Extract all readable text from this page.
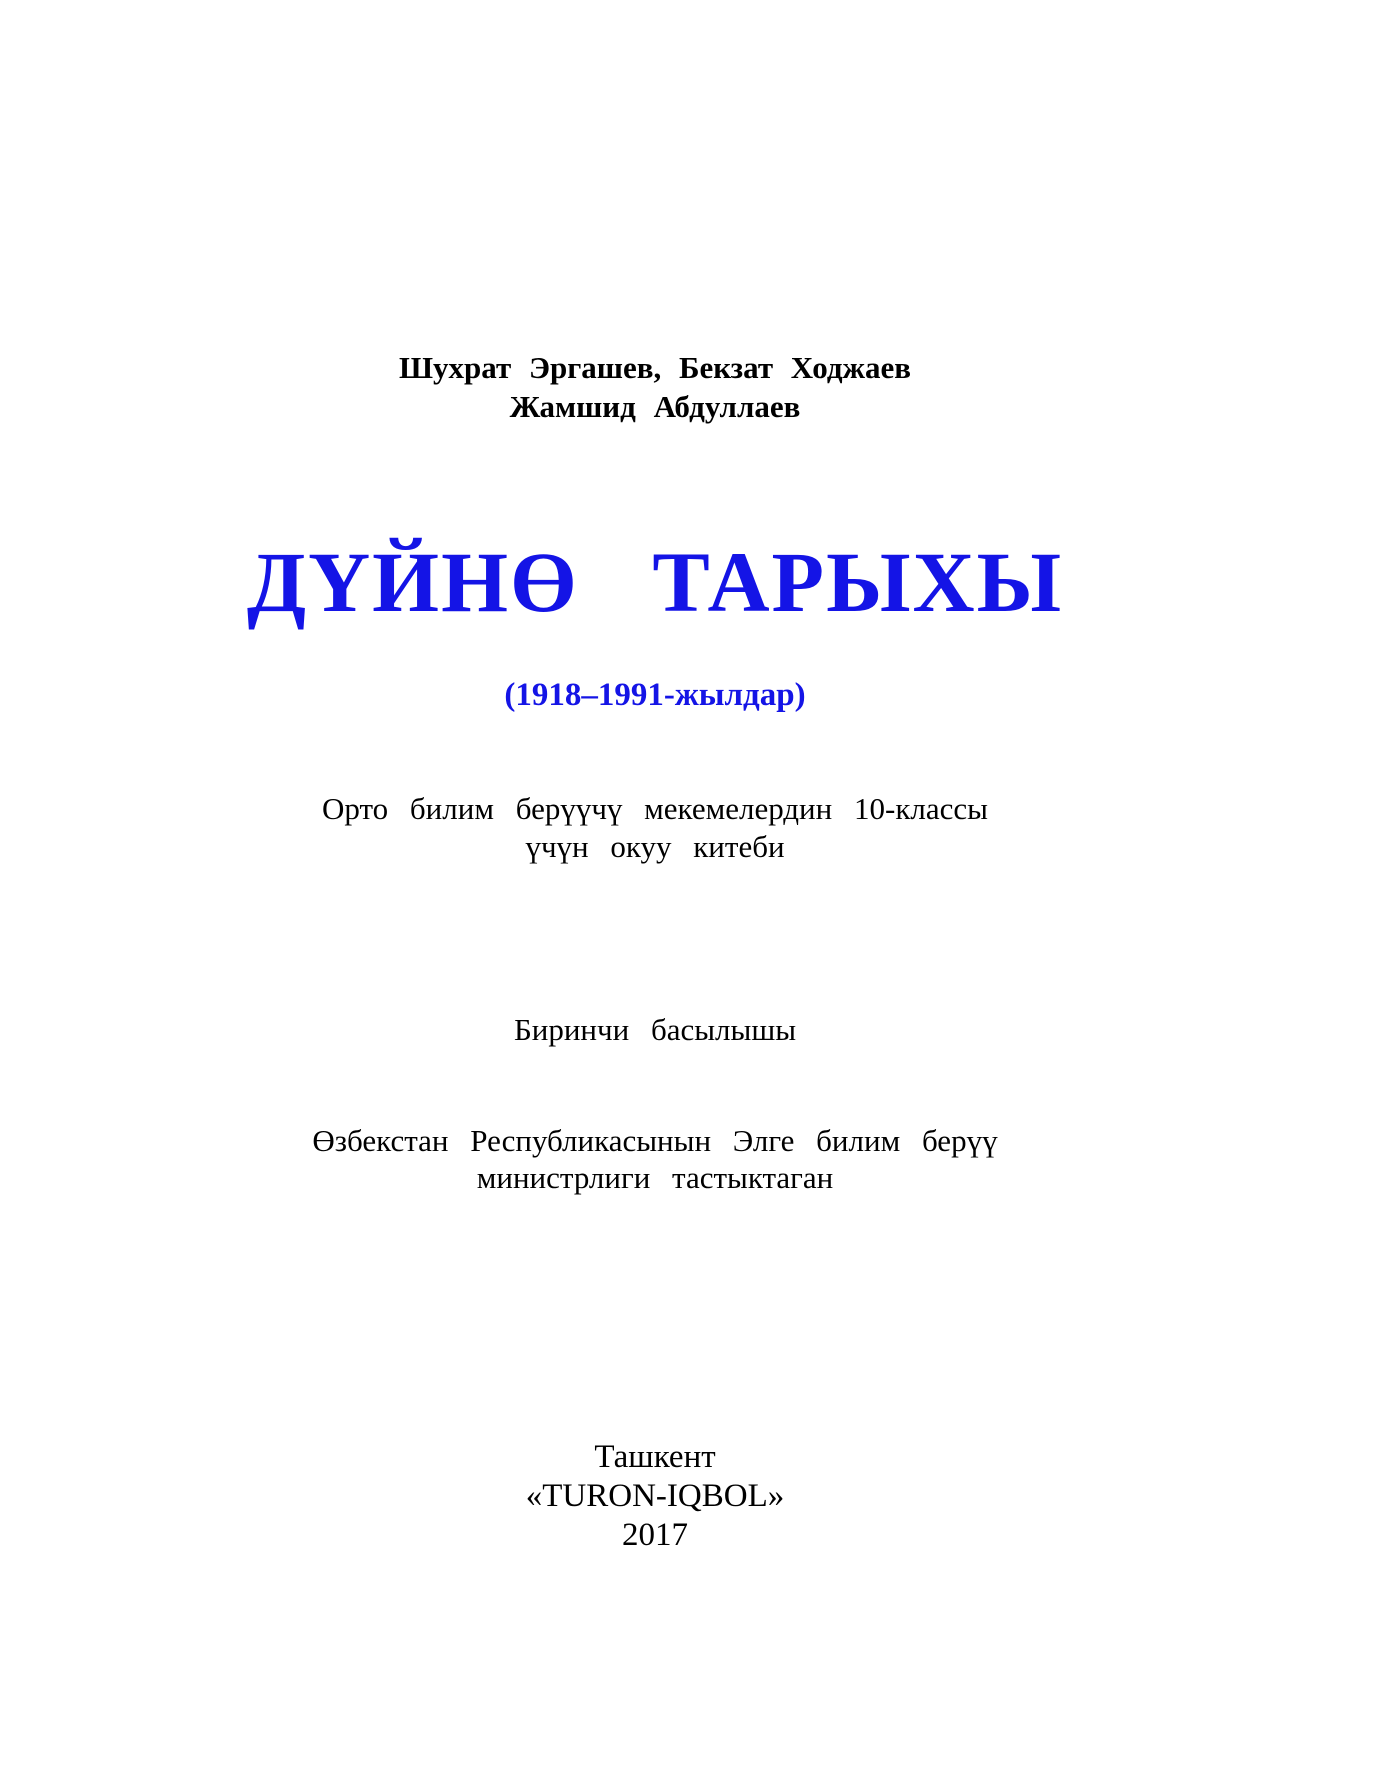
Шухрат Эргашев, Бекзат Ходжаев
Жамшид Абдуллаев
ДҮЙНӨ ТАРЫХЫ
(1918–1991-жылдар)
Орто билим берүүчү мекемелердин 10-классы
үчүн окуу китеби
Биринчи басылышы
Өзбекстан Республикасынын Элге билим берүү
министрлиги тастыктаган
Ташкент
«TURON-IQBOL»
2017
